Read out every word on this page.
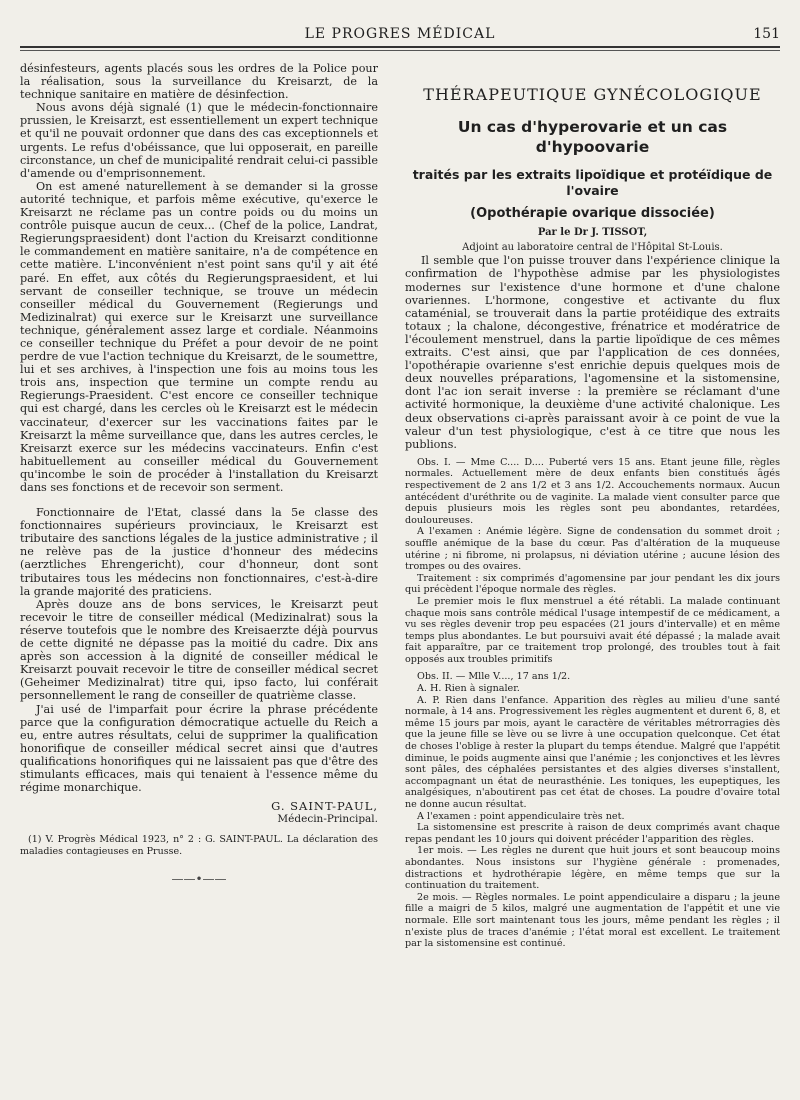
LE PROGRES MÉDICAL	151

désinfesteurs, agents placés sous les ordres de la Police pour la réalisation, sous la surveillance du Kreisarzt, de la technique sanitaire en matière de désinfection.

Nous avons déjà signalé (1) que le médecin-fonctionnaire prussien, le Kreisarzt, est essentiellement un expert technique et qu'il ne pouvait ordonner que dans des cas exceptionnels et urgents. Le refus d'obéissance, que lui opposerait, en pareille circonstance, un chef de municipalité rendrait celui-ci passible d'amende ou d'emprisonnement.

On est amené naturellement à se demander si la grosse autorité technique, et parfois même exécutive, qu'exerce le Kreisarzt ne réclame pas un contre poids ou du moins un contrôle puisque aucun de ceux... (Chef de la police, Landrat, Regierungspraesident) dont l'action du Kreisarzt conditionne le commandement en matière sanitaire, n'a de compétence en cette matière. L'inconvénient n'est point sans qu'il y ait été paré. En effet, aux côtés du Regierungspraesident, et lui servant de conseiller technique, se trouve un médecin conseiller médical du Gouvernement (Regierungs und Medizinalrat) qui exerce sur le Kreisarzt une surveillance technique, généralement assez large et cordiale. Néanmoins ce conseiller technique du Préfet a pour devoir de ne point perdre de vue l'action technique du Kreisarzt, de le soumettre, lui et ses archives, à l'inspection une fois au moins tous les trois ans, inspection que termine un compte rendu au Regierungs-Praesident. C'est encore ce conseiller technique qui est chargé, dans les cercles où le Kreisarzt est le médecin vaccinateur, d'exercer sur les vaccinations faites par le Kreisarzt la même surveillance que, dans les autres cercles, le Kreisarzt exerce sur les médecins vaccinateurs. Enfin c'est habituellement au conseiller médical du Gouvernement qu'incombe le soin de procéder à l'installation du Kreisarzt dans ses fonctions et de recevoir son serment.

Fonctionnaire de l'Etat, classé dans la 5e classe des fonctionnaires supérieurs provinciaux, le Kreisarzt est tributaire des sanctions légales de la justice administrative ; il ne relève pas de la justice d'honneur des médecins (aerztliches Ehrengericht), cour d'honneur, dont sont tributaires tous les médecins non fonctionnaires, c'est-à-dire la grande majorité des praticiens.

Après douze ans de bons services, le Kreisarzt peut recevoir le titre de conseiller médical (Medizinalrat) sous la réserve toutefois que le nombre des Kreisaerzte déjà pourvus de cette dignité ne dépasse pas la moitié du cadre. Dix ans après son accession à la dignité de conseiller médical le Kreisarzt pouvait recevoir le titre de conseiller médical secret (Geheimer Medizinalrat) titre qui, ipso facto, lui conférait personnellement le rang de conseiller de quatrième classe.

J'ai usé de l'imparfait pour écrire la phrase précédente parce que la configuration démocratique actuelle du Reich a eu, entre autres résultats, celui de supprimer la qualification honorifique de conseiller médical secret ainsi que d'autres qualifications honorifiques qui ne laissaient pas que d'être des stimulants efficaces, mais qui tenaient à l'essence même du régime monarchique.

G. SAINT-PAUL,
Médecin-Principal.
(1) V. Progrès Médical 1923, n° 2 : G. SAINT-PAUL. La déclaration des maladies contagieuses en Prusse.
——•——
THÉRAPEUTIQUE GYNÉCOLOGIQUE
Un cas d'hyperovarie et un cas d'hypoovarie
traités par les extraits lipoïdique et protéïdique de l'ovaire
(Opothérapie ovarique dissociée)
Par le Dr J. TISSOT,
Adjoint au laboratoire central de l'Hôpital St-Louis.

Il semble que l'on puisse trouver dans l'expérience clinique la confirmation de l'hypothèse admise par les physiologistes modernes sur l'existence d'une hormone et d'une chalone ovariennes. L'hormone, congestive et activante du flux cataménial, se trouverait dans la partie protéidique des extraits totaux ; la chalone, décongestive, frénatrice et modératrice de l'écoulement menstruel, dans la partie lipoïdique de ces mêmes extraits. C'est ainsi, que par l'application de ces données, l'opothérapie ovarienne s'est enrichie depuis quelques mois de deux nouvelles préparations, l'agomensine et la sistomensine, dont l'ac ion serait inverse : la première se réclamant d'une activité hormonique, la deuxième d'une activité chalonique. Les deux observations ci-après paraissant avoir à ce point de vue la valeur d'un test physiologique, c'est à ce titre que nous les publions.

Obs. I. — Mme C.... D.... Puberté vers 15 ans. Etant jeune fille, règles normales. Actuellement mère de deux enfants bien constitués âgés respectivement de 2 ans 1/2 et 3 ans 1/2. Accouchements normaux. Aucun antécédent d'uréthrite ou de vaginite. La malade vient consulter parce que depuis plusieurs mois les règles sont peu abondantes, retardées, douloureuses.

A l'examen : Anémie légère. Signe de condensation du sommet droit ; souffle anémique de la base du cœur. Pas d'altération de la muqueuse utérine ; ni fibrome, ni prolapsus, ni déviation utérine ; aucune lésion des trompes ou des ovaires.

Traitement : six comprimés d'agomensine par jour pendant les dix jours qui précèdent l'époque normale des règles.

Le premier mois le flux menstruel a été rétabli. La malade continuant chaque mois sans contrôle médical l'usage intempestif de ce médicament, a vu ses règles devenir trop peu espacées (21 jours d'intervalle) et en même temps plus abondantes. Le but poursuivi avait été dépassé ; la malade avait fait apparaître, par ce traitement trop prolongé, des troubles tout à fait opposés aux troubles primitifs

Obs. II. — Mlle V...., 17 ans 1/2.

A. H. Rien à signaler.

A. P. Rien dans l'enfance. Apparition des règles au milieu d'une santé normale, à 14 ans. Progressivement les règles augmentent et durent 6, 8, et même 15 jours par mois, ayant le caractère de véritables métrorragies dès que la jeune fille se lève ou se livre à une occupation quelconque. Cet état de choses l'oblige à rester la plupart du temps étendue. Malgré que l'appétit diminue, le poids augmente ainsi que l'anémie ; les conjonctives et les lèvres sont pâles, des céphalées persistantes et des algies diverses s'installent, accompagnant un état de neurasthénie. Les toniques, les eupeptiques, les analgésiques, n'aboutirent pas cet état de choses. La poudre d'ovaire total ne donne aucun résultat.

A l'examen : point appendiculaire très net.

La sistomensine est prescrite à raison de deux comprimés avant chaque repas pendant les 10 jours qui doivent précéder l'apparition des règles.

1er mois. — Les règles ne durent que huit jours et sont beaucoup moins abondantes. Nous insistons sur l'hygiène générale : promenades, distractions et hydrothérapie légère, en même temps que sur la continuation du traitement.

2e mois. — Règles normales. Le point appendiculaire a disparu ; la jeune fille a maigri de 5 kilos, malgré une augmentation de l'appétit et une vie normale. Elle sort maintenant tous les jours, même pendant les règles ; il n'existe plus de traces d'anémie ; l'état moral est excellent. Le traitement par la sistomensine est continué.
